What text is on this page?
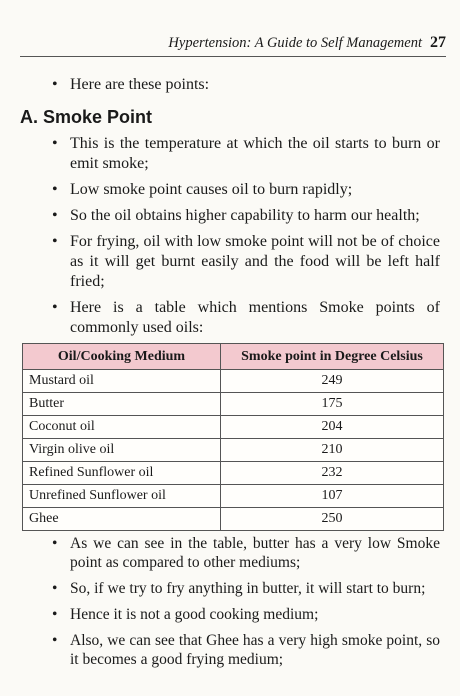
Hypertension: A Guide to Self Management 27
• Here are these points:
A. Smoke Point
• This is the temperature at which the oil starts to burn or emit smoke;
• Low smoke point causes oil to burn rapidly;
• So the oil obtains higher capability to harm our health;
• For frying, oil with low smoke point will not be of choice as it will get burnt easily and the food will be left half fried;
• Here is a table which mentions Smoke points of commonly used oils:
Oil/Cooking Medium	Smoke point in Degree Celsius
Mustard oil	249
Butter	175
Coconut oil	204
Virgin olive oil	210
Refined Sunflower oil	232
Unrefined Sunflower oil	107
Ghee	250
• As we can see in the table, butter has a very low Smoke point as compared to other mediums;
• So, if we try to fry anything in butter, it will start to burn;
• Hence it is not a good cooking medium;
• Also, we can see that Ghee has a very high smoke point, so it becomes a good frying medium;
